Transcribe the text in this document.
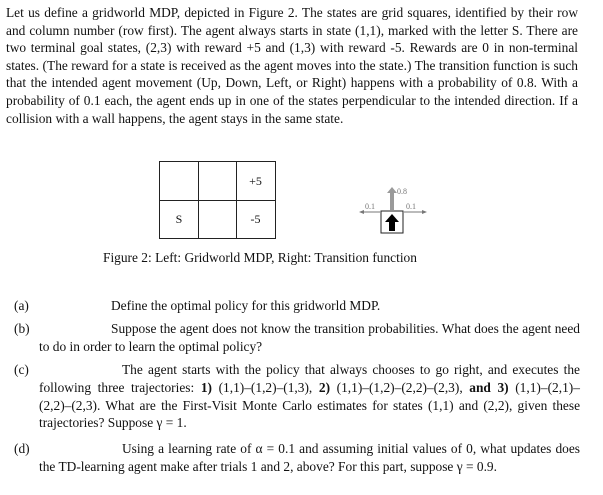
Let us define a gridworld MDP, depicted in Figure 2. The states are grid squares, identified by their row and column number (row first). The agent always starts in state (1,1), marked with the letter S. There are two terminal goal states, (2,3) with reward +5 and (1,3) with reward -5. Rewards are 0 in non-terminal states. (The reward for a state is received as the agent moves into the state.) The transition function is such that the intended agent movement (Up, Down, Left, or Right) happens with a probability of 0.8. With a probability of 0.1 each, the agent ends up in one of the states perpendicular to the intended direction. If a collision with a wall happens, the agent stays in the same state.
+5
S	-5
0.8
0.1	0.1
Figure 2: Left: Gridworld MDP, Right: Transition function
(a)	Define the optimal policy for this gridworld MDP.
(b)	Suppose the agent does not know the transition probabilities. What does the agent need to do in order to learn the optimal policy?
(c)	The agent starts with the policy that always chooses to go right, and executes the following three trajectories: 1) (1,1)–(1,2)–(1,3), 2) (1,1)–(1,2)–(2,2)–(2,3), and 3) (1,1)–(2,1)–(2,2)–(2,3). What are the First-Visit Monte Carlo estimates for states (1,1) and (2,2), given these trajectories? Suppose γ = 1.
(d)	Using a learning rate of α = 0.1 and assuming initial values of 0, what updates does the TD-learning agent make after trials 1 and 2, above? For this part, suppose γ = 0.9.
